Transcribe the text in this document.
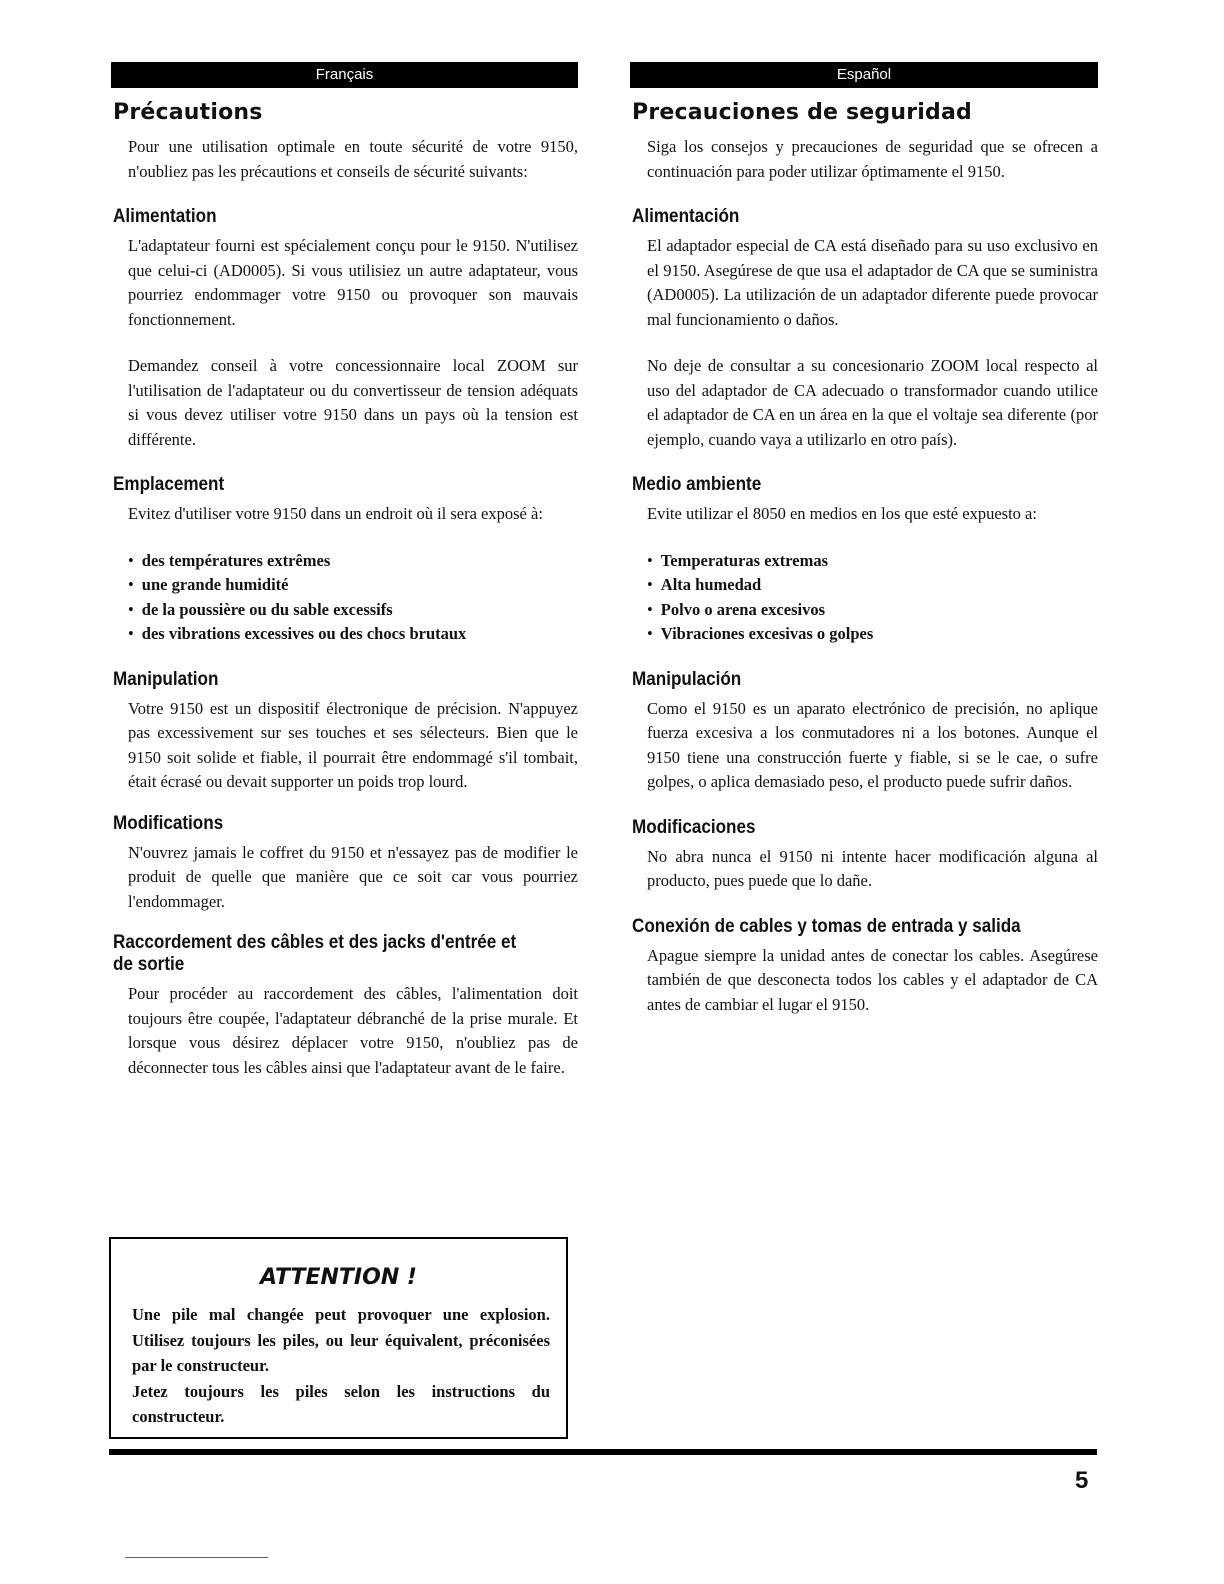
Français
Précautions

Pour une utilisation optimale en toute sécurité de votre 9150, n'oubliez pas les précautions et conseils de sécurité suivants:

Alimentation

L'adaptateur fourni est spécialement conçu pour le 9150. N'utilisez que celui-ci (AD0005). Si vous utilisiez un autre adaptateur, vous pourriez endommager votre 9150 ou provoquer son mauvais fonctionnement.

Demandez conseil à votre concessionnaire local ZOOM sur l'utilisation de l'adaptateur ou du convertisseur de tension adéquats si vous devez utiliser votre 9150 dans un pays où la tension est différente.

Emplacement

Evitez d'utiliser votre 9150 dans un endroit où il sera exposé à:

• des températures extrêmes
• une grande humidité
• de la poussière ou du sable excessifs
• des vibrations excessives ou des chocs brutaux
Manipulation

Votre 9150 est un dispositif électronique de précision. N'appuyez pas excessivement sur ses touches et ses sélecteurs. Bien que le 9150 soit solide et fiable, il pourrait être endommagé s'il tombait, était écrasé ou devait supporter un poids trop lourd.

Modifications

N'ouvrez jamais le coffret du 9150 et n'essayez pas de modifier le produit de quelle que manière que ce soit car vous pourriez l'endommager.

Raccordement des câbles et des jacks d'entrée et de sortie

Pour procéder au raccordement des câbles, l'alimentation doit toujours être coupée, l'adaptateur débranché de la prise murale. Et lorsque vous désirez déplacer votre 9150, n'oubliez pas de déconnecter tous les câbles ainsi que l'adaptateur avant de le faire.

Español
Precauciones de seguridad

Siga los consejos y precauciones de seguridad que se ofrecen a continuación para poder utilizar óptimamente el 9150.

Alimentación

El adaptador especial de CA está diseñado para su uso exclusivo en el 9150. Asegúrese de que usa el adaptador de CA que se suministra (AD0005). La utilización de un adaptador diferente puede provocar mal funcionamiento o daños.

No deje de consultar a su concesionario ZOOM local respecto al uso del adaptador de CA adecuado o transformador cuando utilice el adaptador de CA en un área en la que el voltaje sea diferente (por ejemplo, cuando vaya a utilizarlo en otro país).

Medio ambiente

Evite utilizar el 8050 en medios en los que esté expuesto a:

• Temperaturas extremas
• Alta humedad
• Polvo o arena excesivos
• Vibraciones excesivas o golpes
Manipulación

Como el 9150 es un aparato electrónico de precisión, no aplique fuerza excesiva a los conmutadores ni a los botones. Aunque el 9150 tiene una construcción fuerte y fiable, si se le cae, o sufre golpes, o aplica demasiado peso, el producto puede sufrir daños.

Modificaciones

No abra nunca el 9150 ni intente hacer modificación alguna al producto, pues puede que lo dañe.

Conexión de cables y tomas de entrada y salida

Apague siempre la unidad antes de conectar los cables. Asegúrese también de que desconecta todos los cables y el adaptador de CA antes de cambiar el lugar el 9150.

ATTENTION !

Une pile mal changée peut provoquer une explosion. Utilisez toujours les piles, ou leur équivalent, préconisées par le constructeur.

Jetez toujours les piles selon les instructions du constructeur.

5
